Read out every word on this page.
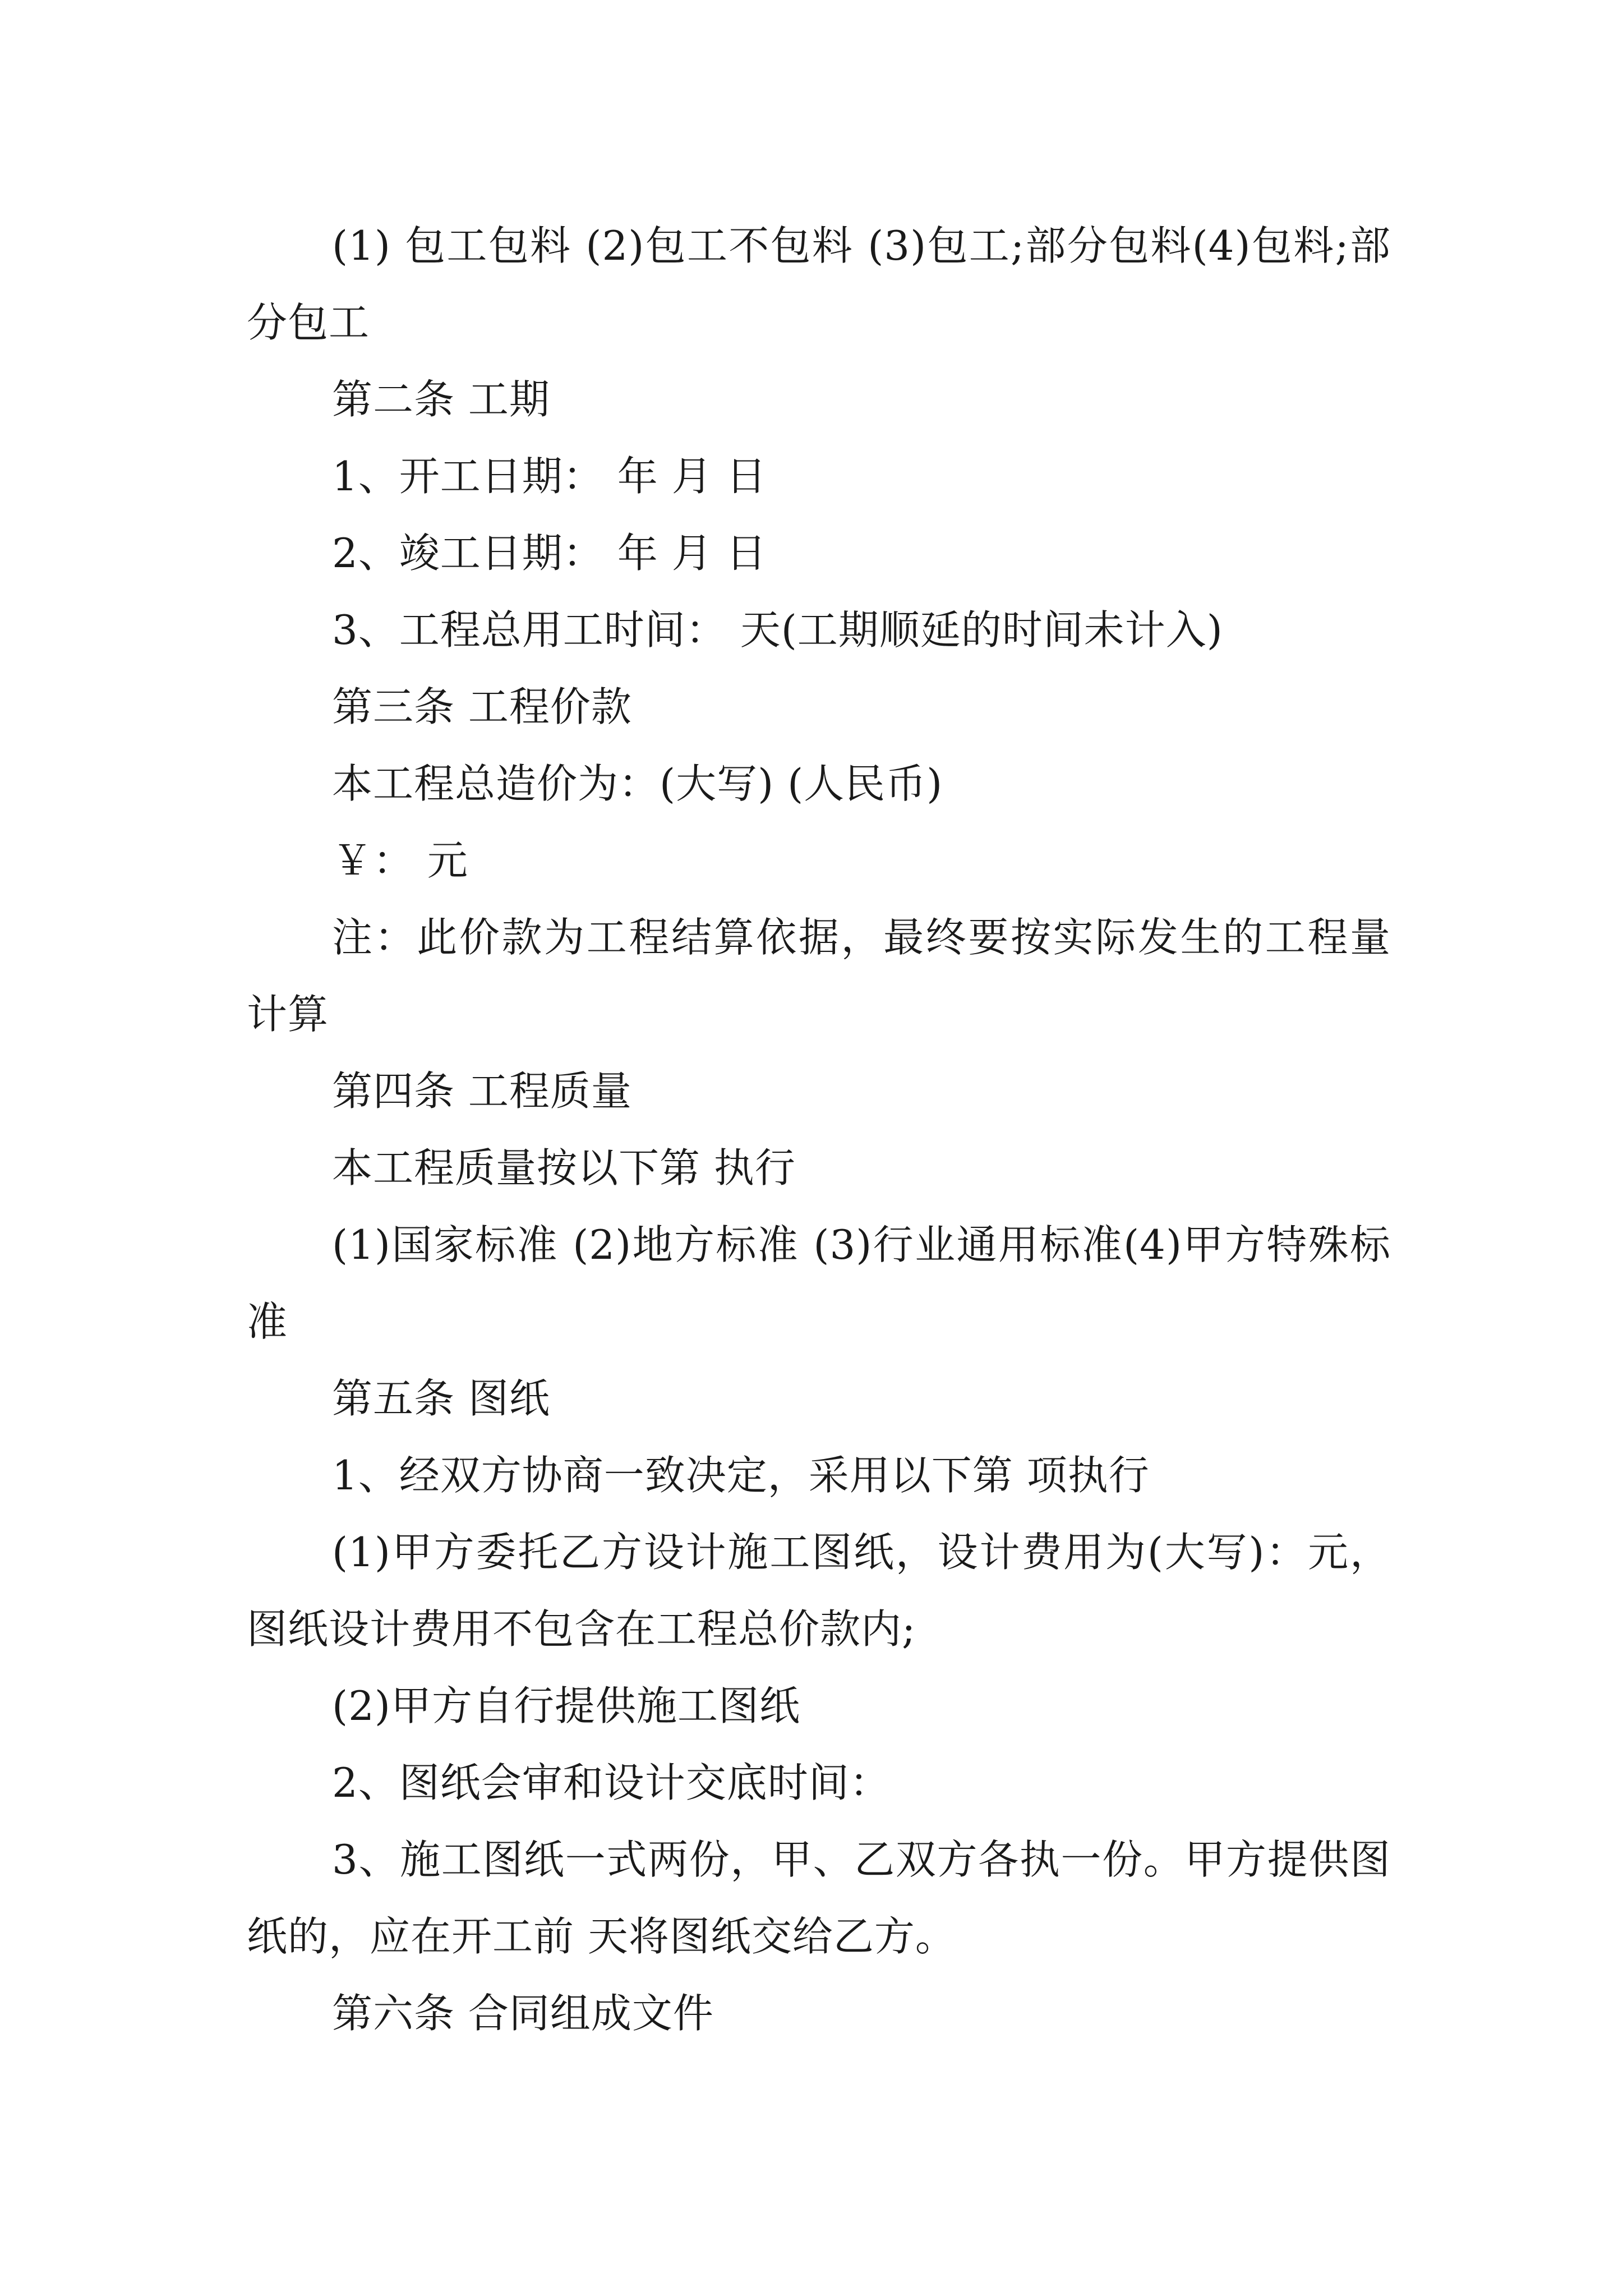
(1) 包工包料 (2)包工不包料 (3)包工;部分包料(4)包料;部分包工

第二条 工期

1、开工日期： 年 月 日

2、竣工日期： 年 月 日

3、工程总用工时间： 天(工期顺延的时间未计入)

第三条 工程价款

本工程总造价为：(大写) (人民币)

￥： 元

注：此价款为工程结算依据，最终要按实际发生的工程量计算

第四条 工程质量

本工程质量按以下第 执行

(1)国家标准 (2)地方标准 (3)行业通用标准(4)甲方特殊标准

第五条 图纸

1、经双方协商一致决定，采用以下第 项执行

(1)甲方委托乙方设计施工图纸，设计费用为(大写)：元，图纸设计费用不包含在工程总价款内;

(2)甲方自行提供施工图纸

2、图纸会审和设计交底时间：

3、施工图纸一式两份，甲、乙双方各执一份。甲方提供图纸的，应在开工前 天将图纸交给乙方。

第六条 合同组成文件
